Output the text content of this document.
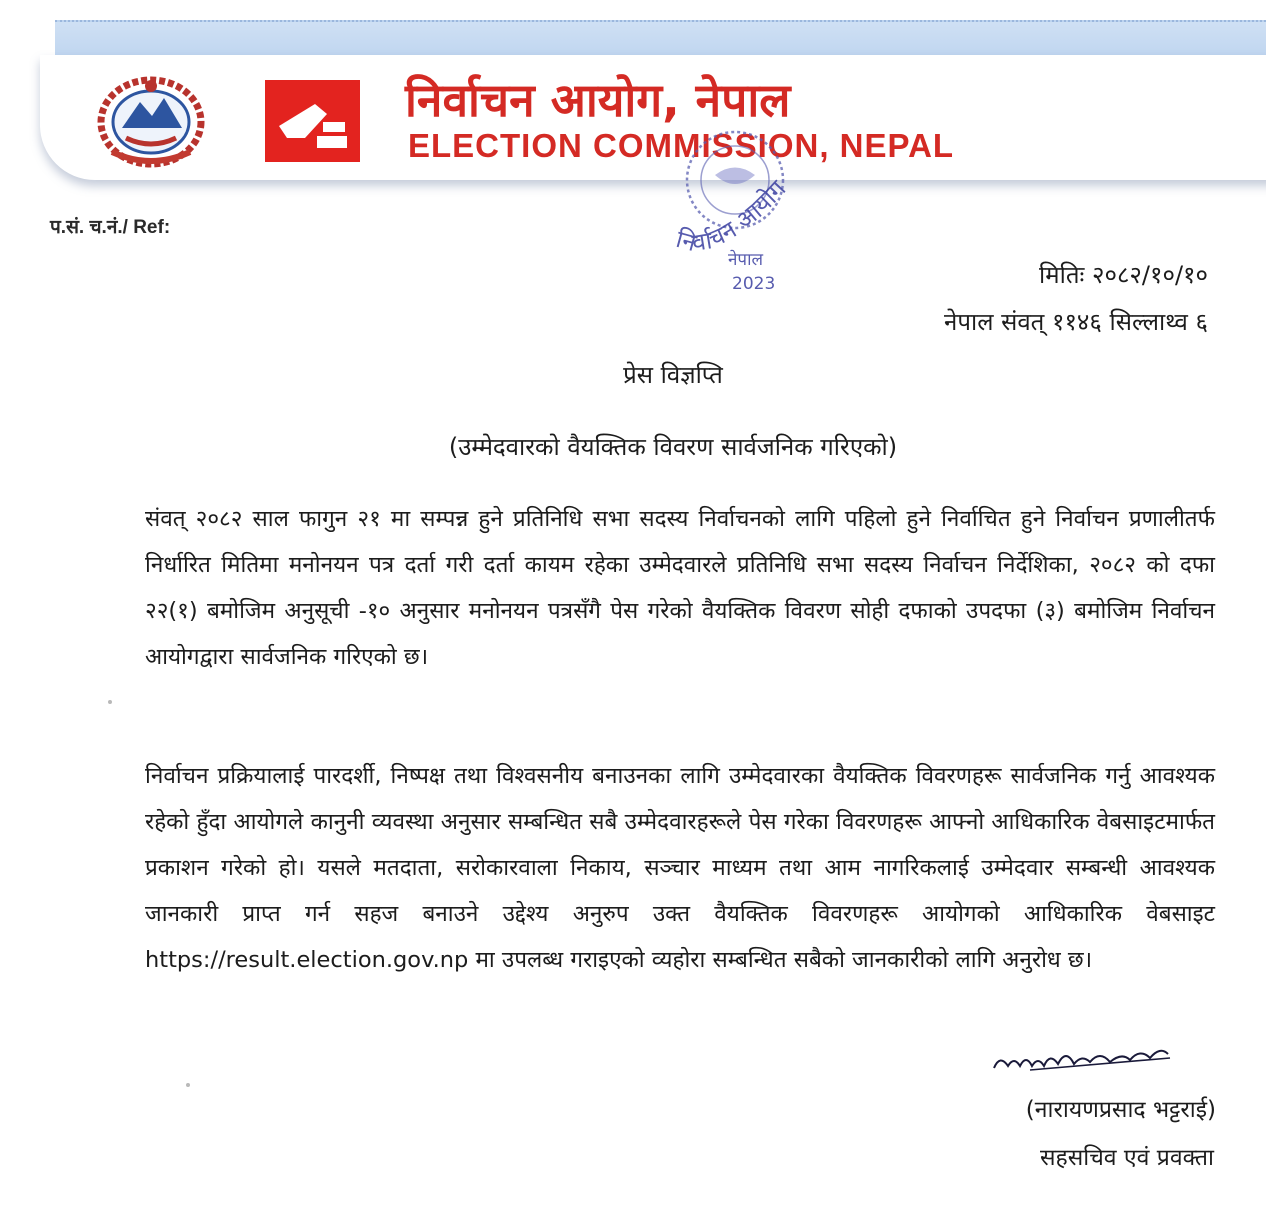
निर्वाचन आयोग, नेपाल
ELECTION COMMISSION, NEPAL
प.सं. च.नं./ Ref:	निर्वाचन आयोग
नेपाल
2023	मितिः २०८२/१०/१०
नेपाल संवत् ११४६ सिल्लाथ्व ६
प्रेस विज्ञप्ति
(उम्मेदवारको वैयक्तिक विवरण सार्वजनिक गरिएको)
संवत् २०८२ साल फागुन २१ मा सम्पन्न हुने प्रतिनिधि सभा सदस्य निर्वाचनको लागि पहिलो हुने निर्वाचित हुने निर्वाचन प्रणालीतर्फ निर्धारित मितिमा मनोनयन पत्र दर्ता गरी दर्ता कायम रहेका उम्मेदवारले प्रतिनिधि सभा सदस्य निर्वाचन निर्देशिका, २०८२ को दफा २२(१) बमोजिम अनुसूची -१० अनुसार मनोनयन पत्रसँगै पेस गरेको वैयक्तिक विवरण सोही दफाको उपदफा (३) बमोजिम निर्वाचन आयोगद्वारा सार्वजनिक गरिएको छ।
निर्वाचन प्रक्रियालाई पारदर्शी, निष्पक्ष तथा विश्वसनीय बनाउनका लागि उम्मेदवारका वैयक्तिक विवरणहरू सार्वजनिक गर्नु आवश्यक रहेको हुँदा आयोगले कानुनी व्यवस्था अनुसार सम्बन्धित सबै उम्मेदवारहरूले पेस गरेका विवरणहरू आफ्नो आधिकारिक वेबसाइटमार्फत प्रकाशन गरेको हो। यसले मतदाता, सरोकारवाला निकाय, सञ्चार माध्यम तथा आम नागरिकलाई उम्मेदवार सम्बन्धी आवश्यक जानकारी प्राप्त गर्न सहज बनाउने उद्देश्य अनुरुप उक्त वैयक्तिक विवरणहरू आयोगको आधिकारिक वेबसाइट https://result.election.gov.np मा उपलब्ध गराइएको व्यहोरा सम्बन्धित सबैको जानकारीको लागि अनुरोध छ।
(नारायणप्रसाद भट्टराई)
सहसचिव एवं प्रवक्ता
